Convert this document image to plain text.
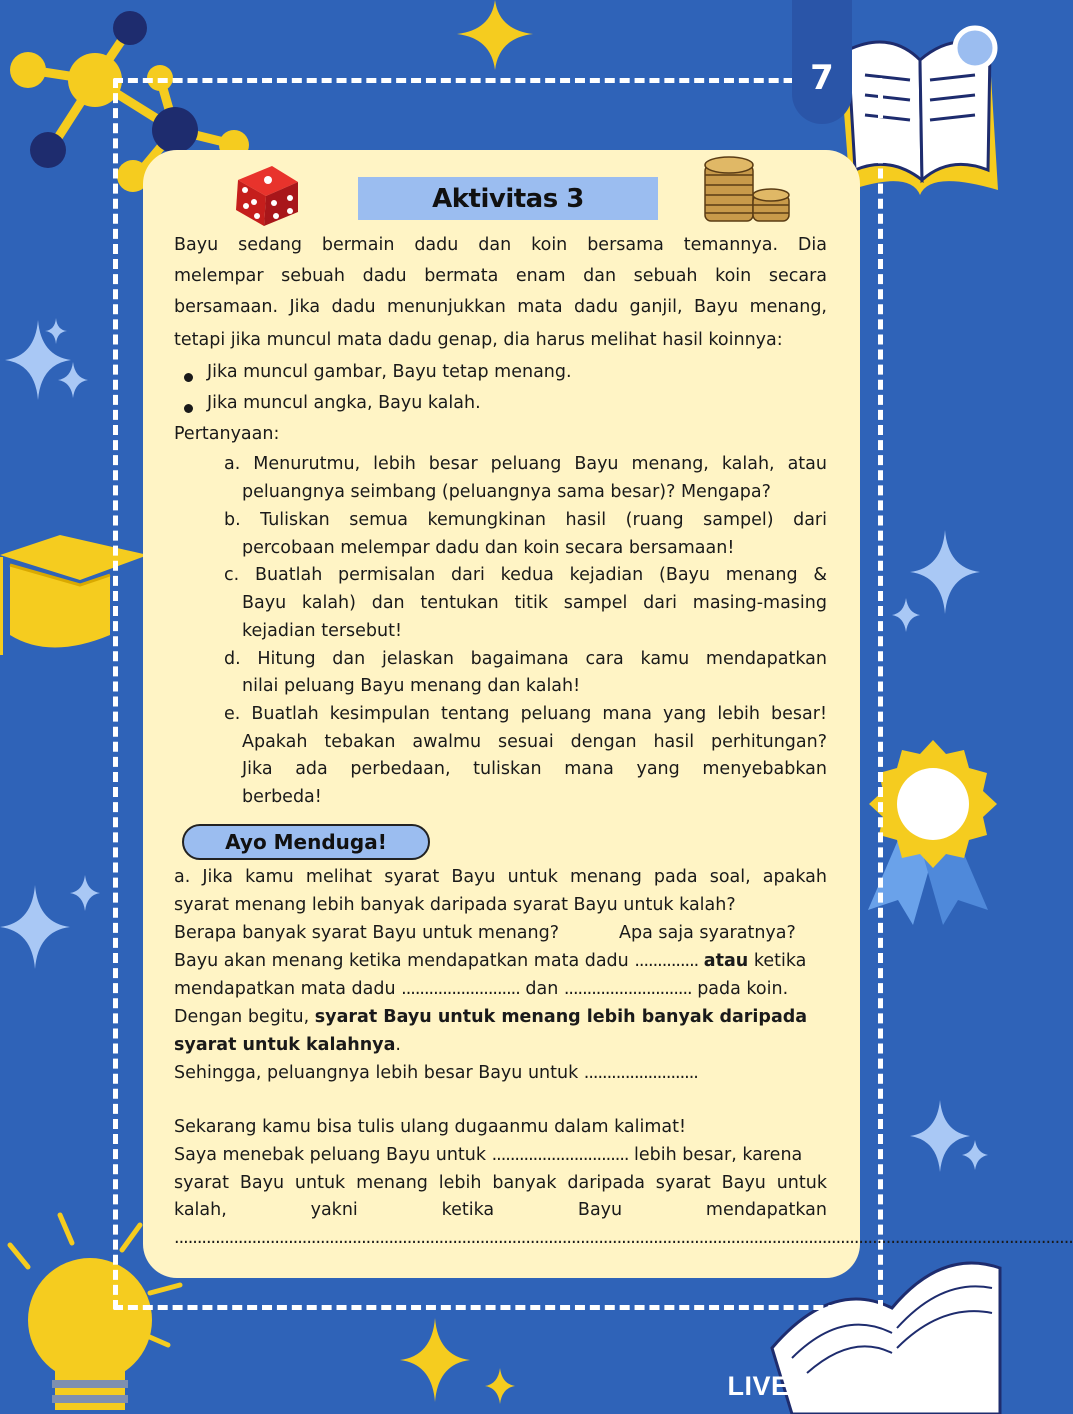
7
Aktivitas 3
Bayu sedang bermain dadu dan koin bersama temannya. Dia
melempar sebuah dadu bermata enam dan sebuah koin secara
bersamaan. Jika dadu menunjukkan mata dadu ganjil, Bayu menang,
tetapi jika muncul mata dadu genap, dia harus melihat hasil koinnya:
Jika muncul gambar, Bayu tetap menang.
Jika muncul angka, Bayu kalah.
Pertanyaan:
a. Menurutmu, lebih besar peluang Bayu menang, kalah, atau
peluangnya seimbang (peluangnya sama besar)? Mengapa?
b. Tuliskan semua kemungkinan hasil (ruang sampel) dari
percobaan melempar dadu dan koin secara bersamaan!
c. Buatlah permisalan dari kedua kejadian (Bayu menang &
Bayu kalah) dan tentukan titik sampel dari masing-masing
kejadian tersebut!
d. Hitung dan jelaskan bagaimana cara kamu mendapatkan
nilai peluang Bayu menang dan kalah!
e. Buatlah kesimpulan tentang peluang mana yang lebih besar!
Apakah tebakan awalmu sesuai dengan hasil perhitungan?
Jika ada perbedaan, tuliskan mana yang menyebabkan
berbeda!
Ayo Menduga!
a. Jika kamu melihat syarat Bayu untuk menang pada soal, apakah
syarat menang lebih banyak daripada syarat Bayu untuk kalah?
Berapa banyak syarat Bayu untuk menang?	Apa saja syaratnya?
Bayu akan menang ketika mendapatkan mata dadu .............. atau ketika
mendapatkan mata dadu .......................... dan ............................ pada koin.
Dengan begitu, syarat Bayu untuk menang lebih banyak daripada
syarat untuk kalahnya.
Sehingga, peluangnya lebih besar Bayu untuk .........................
Sekarang kamu bisa tulis ulang dugaanmu dalam kalimat!
Saya menebak peluang Bayu untuk .............................. lebih besar, karena
syarat Bayu untuk menang lebih banyak daripada syarat Bayu untuk
kalah, yakni ketika Bayu mendapatkan
.....................................................................................................................................................................................................
LIVEWORKSHEETS
